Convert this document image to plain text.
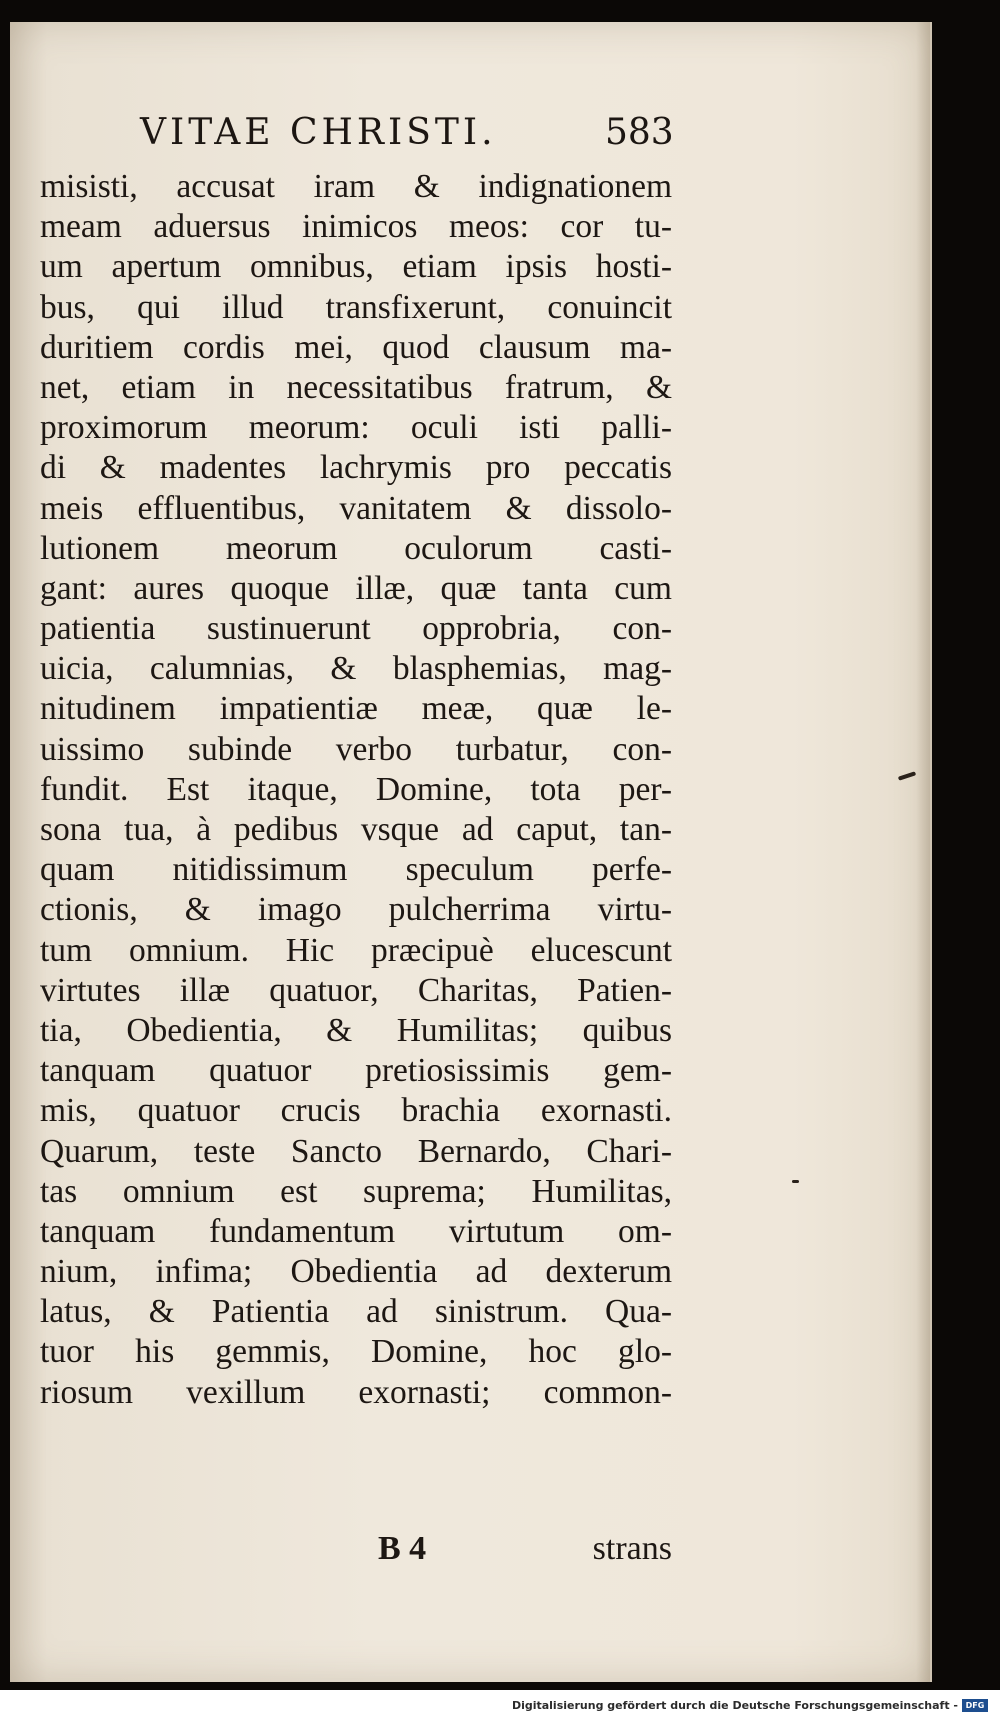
VITAE CHRISTI.	583
misisti, accusat iram & indignationem
meam aduersus inimicos meos: cor tu-
um apertum omnibus, etiam ipsis hosti-
bus, qui illud transfixerunt, conuincit
duritiem cordis mei, quod clausum ma-
net, etiam in necessitatibus fratrum, &
proximorum meorum: oculi isti palli-
di & madentes lachrymis pro peccatis
meis effluentibus, vanitatem & dissolo-
lutionem meorum oculorum casti-
gant: aures quoque illæ, quæ tanta cum
patientia sustinuerunt opprobria, con-
uicia, calumnias, & blasphemias, mag-
nitudinem impatientiæ meæ, quæ le-
uissimo subinde verbo turbatur, con-
fundit. Est itaque, Domine, tota per-
sona tua, à pedibus vsque ad caput, tan-
quam nitidissimum speculum perfe-
ctionis, & imago pulcherrima virtu-
tum omnium. Hic præcipuè elucescunt
virtutes illæ quatuor, Charitas, Patien-
tia, Obedientia, & Humilitas; quibus
tanquam quatuor pretiosissimis gem-
mis, quatuor crucis brachia exornasti.
Quarum, teste Sancto Bernardo, Chari-
tas omnium est suprema; Humilitas,
tanquam fundamentum virtutum om-
nium, infima; Obedientia ad dexterum
latus, & Patientia ad sinistrum. Qua-
tuor his gemmis, Domine, hoc glo-
riosum vexillum exornasti; common-
B 4	strans
Digitalisierung gefördert durch die Deutsche Forschungsgemeinschaft - DFG
